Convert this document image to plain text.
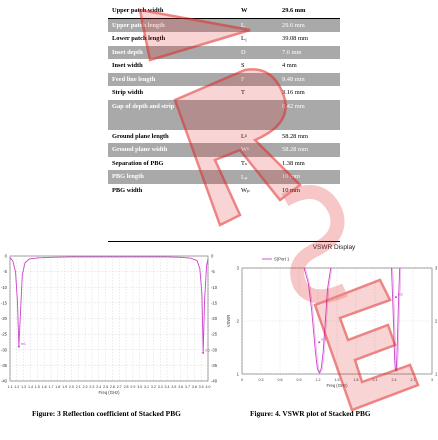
Upper patch width	W	29.6 mm
Upper patch length	L	29.6 mm
Lower patch length	L₁	39.08 mm
Inset depth	D	7.6 mm
Inset width	S	4 mm
Feed line length	F	9.48 mm
Strip width	T	3.16 mm
Gap of depth and strip		0.42 mm
Ground plane length	Lᵍ	58.28 mm
Ground plane width	Wᵍ	58.28 mm
Separation of PBG	Tₛ	1.38 mm
PBG length	Lₚ	10 mm
PBG width	Wₚ	10 mm
1.1 1.2 1.3 1.4 1.5 1.6 1.7 1.8 1.9 2.0 2.1 2.2 2.3 2.4 2.5 2.6 2.7 2.8 2.9 3.0 3.1 3.2 3.3 3.4 3.5 3.6 3.7 3.8 3.9 4.0
0	0
-5	-5
-10	-10
-15	-15
-20	-20
-25	-25
-30	-30
-35	-35
-40	-40
m1
m2
Freq (GHz)
VSWR Display
0	0.3	0.6	0.9	1.2	1.5	1.8	2.1	2.4	2.7	3
1	1
2	2
3	3
m1
m2
Freq (GHz)
VSWR
S(Port 1
Figure: 3 Reflection coefficient of Stacked PBG	Figure: 4. VSWR plot of Stacked PBG
